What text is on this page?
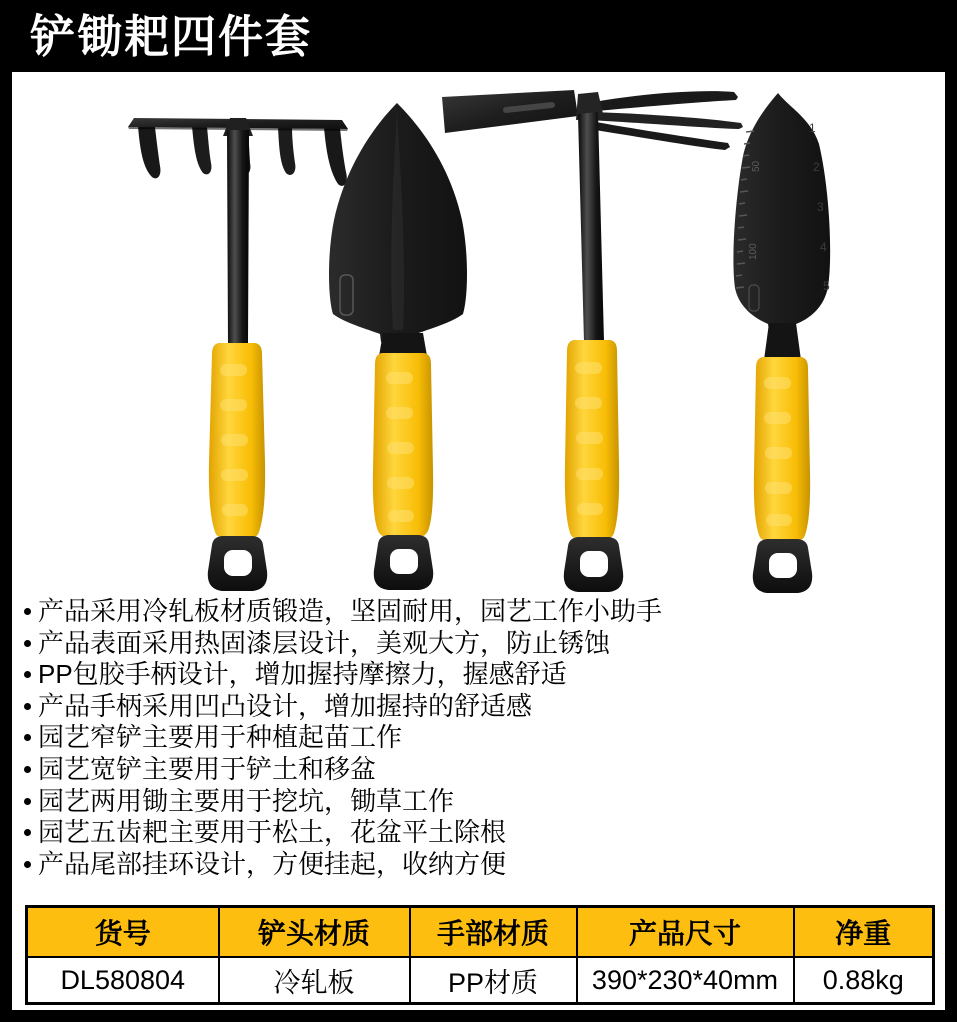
铲锄耙四件套
50
100
1
2
3
4
5
产品采用冷轧板材质锻造，坚固耐用，园艺工作小助手
产品表面采用热固漆层设计，美观大方，防止锈蚀
PP包胶手柄设计，增加握持摩擦力，握感舒适
产品手柄采用凹凸设计，增加握持的舒适感
园艺窄铲主要用于种植起苗工作
园艺宽铲主要用于铲土和移盆
园艺两用锄主要用于挖坑，锄草工作
园艺五齿耙主要用于松土，花盆平土除根
产品尾部挂环设计，方便挂起，收纳方便
货号	铲头材质	手部材质	产品尺寸	净重
DL580804	冷轧板	PP材质	390*230*40mm	0.88kg
